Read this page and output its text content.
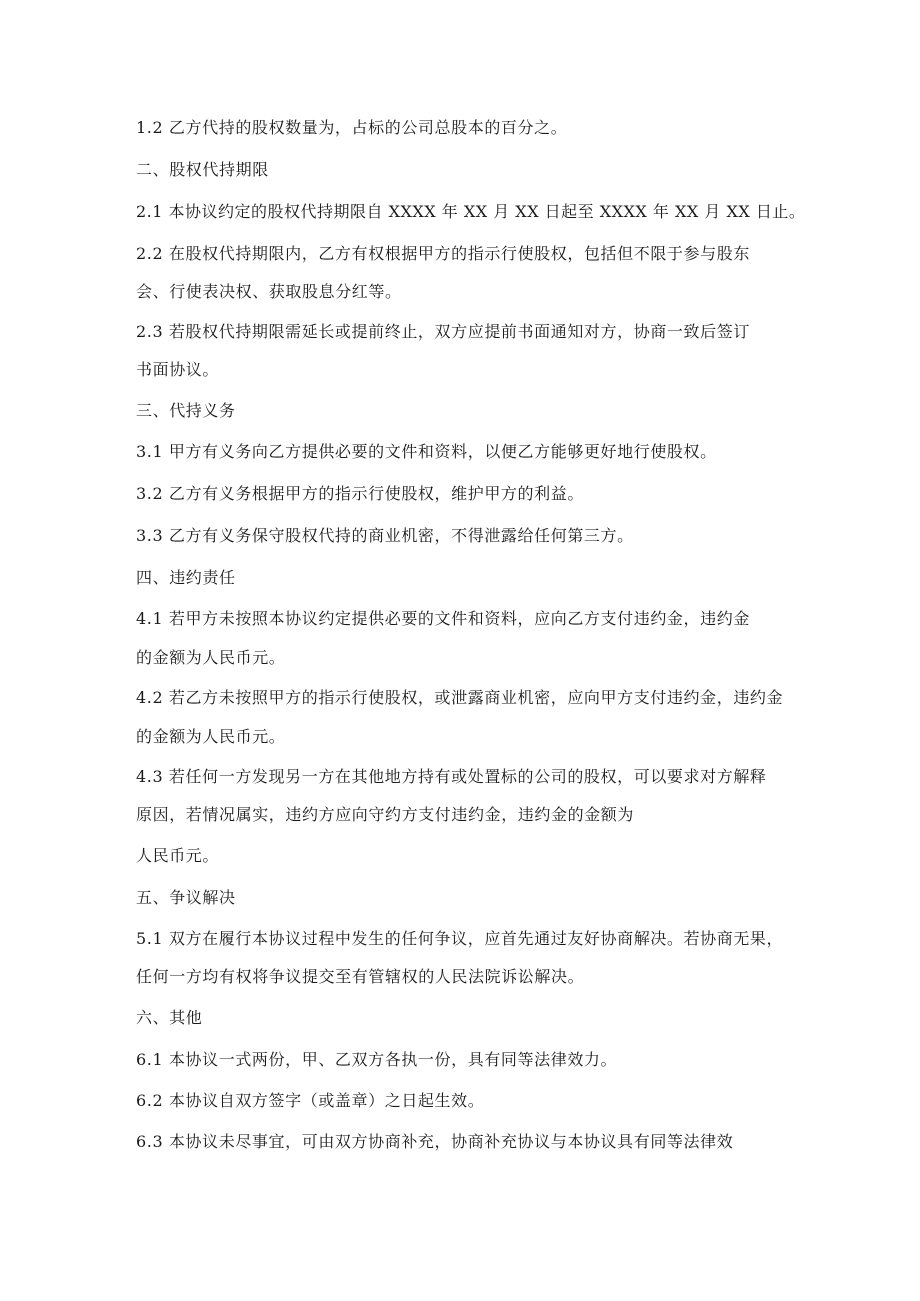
1.2 乙方代持的股权数量为，占标的公司总股本的百分之。
二、股权代持期限
2.1 本协议约定的股权代持期限自 XXXX 年 XX 月 XX 日起至 XXXX 年 XX 月 XX 日止。
2.2 在股权代持期限内，乙方有权根据甲方的指示行使股权，包括但不限于参与股东
会、行使表决权、获取股息分红等。
2.3 若股权代持期限需延长或提前终止，双方应提前书面通知对方，协商一致后签订
书面协议。
三、代持义务
3.1 甲方有义务向乙方提供必要的文件和资料，以便乙方能够更好地行使股权。
3.2 乙方有义务根据甲方的指示行使股权，维护甲方的利益。
3.3 乙方有义务保守股权代持的商业机密，不得泄露给任何第三方。
四、违约责任
4.1 若甲方未按照本协议约定提供必要的文件和资料，应向乙方支付违约金，违约金
的金额为人民币元。
4.2 若乙方未按照甲方的指示行使股权，或泄露商业机密，应向甲方支付违约金，违约金
的金额为人民币元。
4.3 若任何一方发现另一方在其他地方持有或处置标的公司的股权，可以要求对方解释
原因，若情况属实，违约方应向守约方支付违约金，违约金的金额为
人民币元。
五、争议解决
5.1 双方在履行本协议过程中发生的任何争议，应首先通过友好协商解决。若协商无果，
任何一方均有权将争议提交至有管辖权的人民法院诉讼解决。
六、其他
6.1 本协议一式两份，甲、乙双方各执一份，具有同等法律效力。
6.2 本协议自双方签字（或盖章）之日起生效。
6.3 本协议未尽事宜，可由双方协商补充，协商补充协议与本协议具有同等法律效
